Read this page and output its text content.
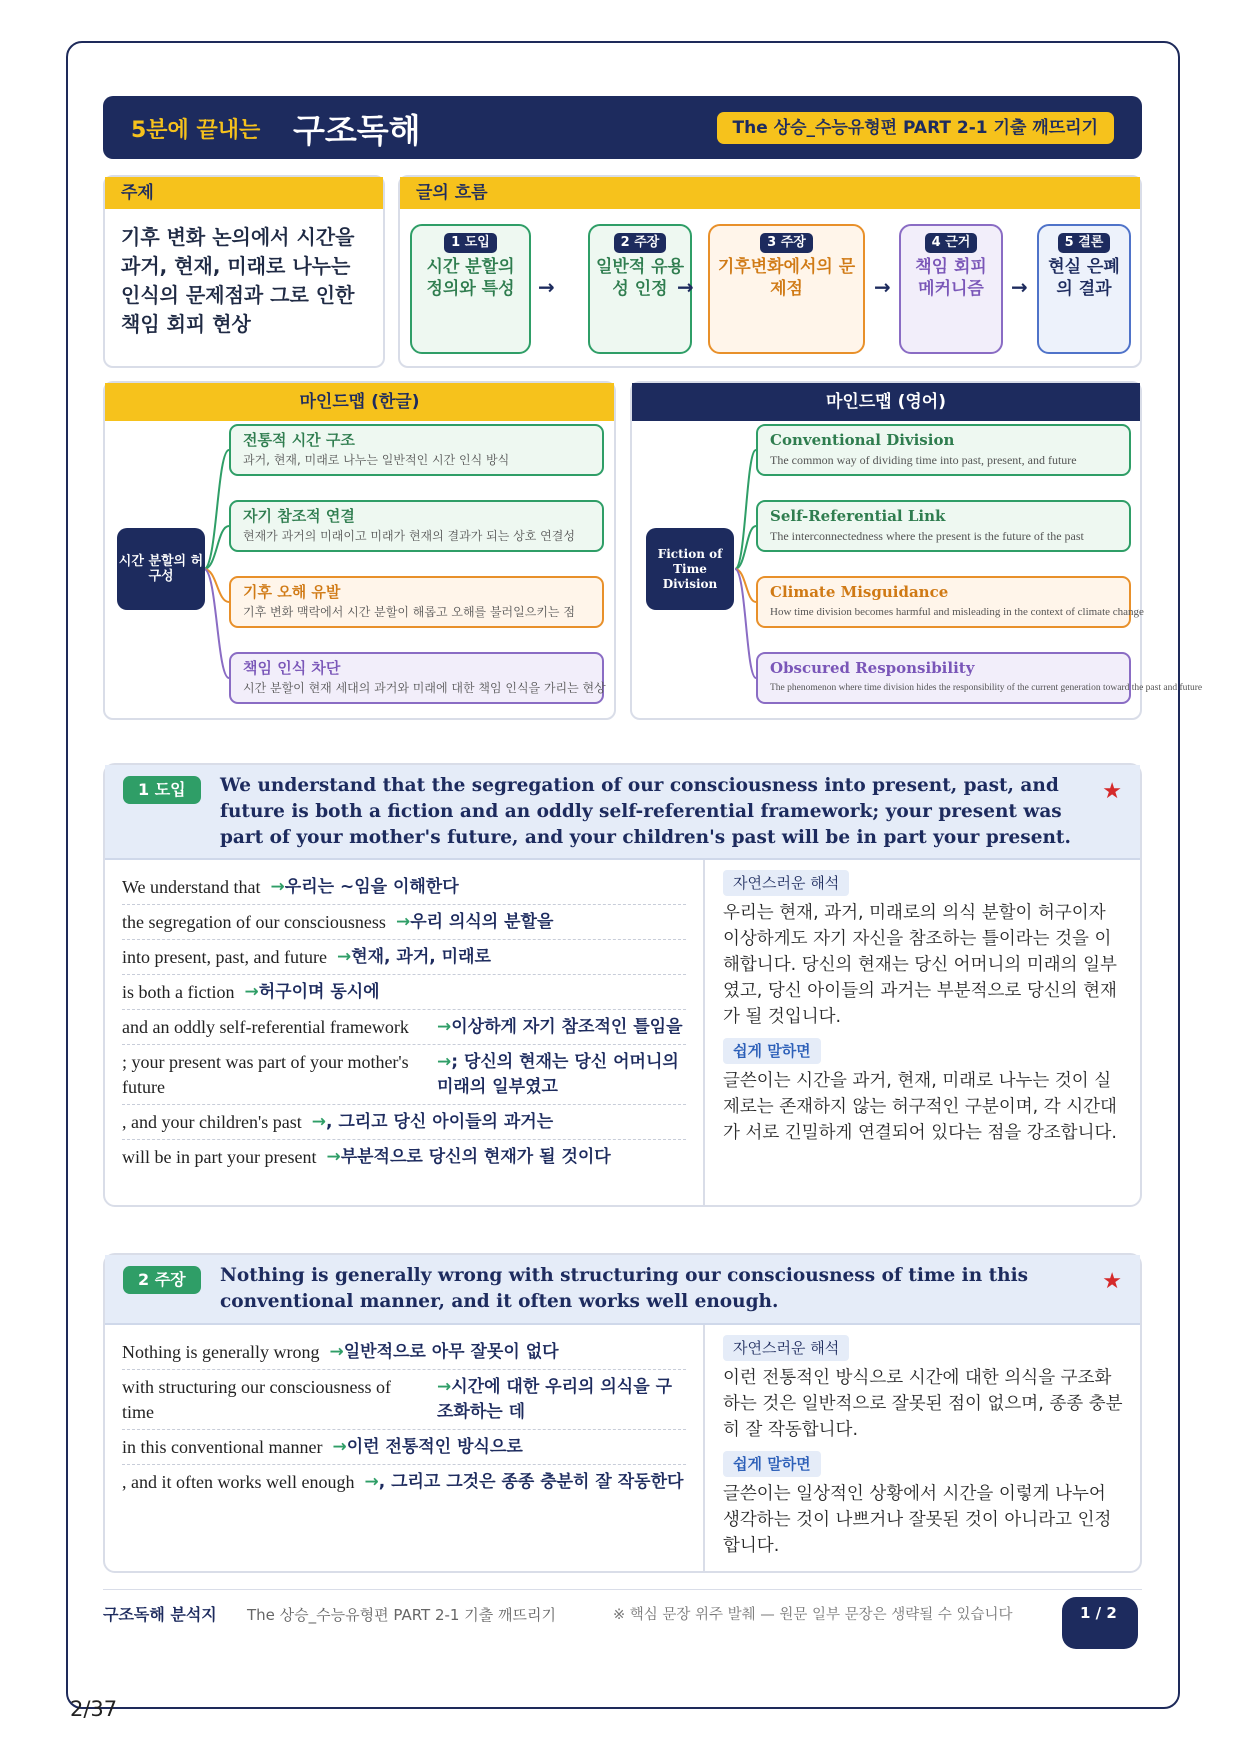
5분에 끝내는 구조독해	The 상승_수능유형편 PART 2-1 기출 깨뜨리기
주제
기후 변화 논의에서 시간을 과거, 현재, 미래로 나누는 인식의 문제점과 그로 인한 책임 회피 현상
글의 흐름
1 도입
시간 분할의 정의와 특성	→
2 주장
일반적 유용성 인정 →
3 주장
기후변화에서의 문제점	→
4 근거
책임 회피 메커니즘	→
5 결론
현실 은폐의 결과
마인드맵 (한글)
시간 분할의 허구성
전통적 시간 구조
과거, 현재, 미래로 나누는 일반적인 시간 인식 방식
자기 참조적 연결
현재가 과거의 미래이고 미래가 현재의 결과가 되는 상호 연결성
기후 오해 유발
기후 변화 맥락에서 시간 분할이 해롭고 오해를 불러일으키는 점
책임 인식 차단
시간 분할이 현재 세대의 과거와 미래에 대한 책임 인식을 가리는 현상
마인드맵 (영어)
Fiction of Time Division
Conventional Division
The common way of dividing time into past, present, and future
Self-Referential Link
The interconnectedness where the present is the future of the past
Climate Misguidance
How time division becomes harmful and misleading in the context of climate change
Obscured Responsibility
The phenomenon where time division hides the responsibility of the current generation toward the past and future
1 도입	We understand that the segregation of our consciousness into present, past, and future is both a fiction and an oddly self-referential framework; your present was part of your mother's future, and your children's past will be in part your present.
★
We understand that	→ 우리는 ~임을 이해한다
the segregation of our consciousness	→ 우리 의식의 분할을
into present, past, and future	→ 현재, 과거, 미래로
is both a fiction	→ 허구이며 동시에
and an oddly self-referential framework	→ 이상하게 자기 참조적인 틀임을
; your present was part of your mother's future
→ ; 당신의 현재는 당신 어머니의 미래의 일부였고
, and your children's past	→ , 그리고 당신 아이들의 과거는
will be in part your present	→ 부분적으로 당신의 현재가 될 것이다
자연스러운 해석

우리는 현재, 과거, 미래로의 의식 분할이 허구이자 이상하게도 자기 자신을 참조하는 틀이라는 것을 이해합니다. 당신의 현재는 당신 어머니의 미래의 일부였고, 당신 아이들의 과거는 부분적으로 당신의 현재가 될 것입니다.

쉽게 말하면

글쓴이는 시간을 과거, 현재, 미래로 나누는 것이 실제로는 존재하지 않는 허구적인 구분이며, 각 시간대가 서로 긴밀하게 연결되어 있다는 점을 강조합니다.

2 주장	Nothing is generally wrong with structuring our consciousness of time in this conventional manner, and it often works well enough.
★
Nothing is generally wrong	→ 일반적으로 아무 잘못이 없다
with structuring our consciousness of time
→ 시간에 대한 우리의 의식을 구조화하는 데
in this conventional manner	→ 이런 전통적인 방식으로
, and it often works well enough	→ , 그리고 그것은 종종 충분히 잘 작동한다
자연스러운 해석

이런 전통적인 방식으로 시간에 대한 의식을 구조화하는 것은 일반적으로 잘못된 점이 없으며, 종종 충분히 잘 작동합니다.

쉽게 말하면

글쓴이는 일상적인 상황에서 시간을 이렇게 나누어 생각하는 것이 나쁘거나 잘못된 것이 아니라고 인정합니다.

구조독해 분석지	The 상승_수능유형편 PART 2-1 기출 깨뜨리기	※ 핵심 문장 위주 발췌 — 원문 일부 문장은 생략될 수 있습니다	1 / 2
2/37
